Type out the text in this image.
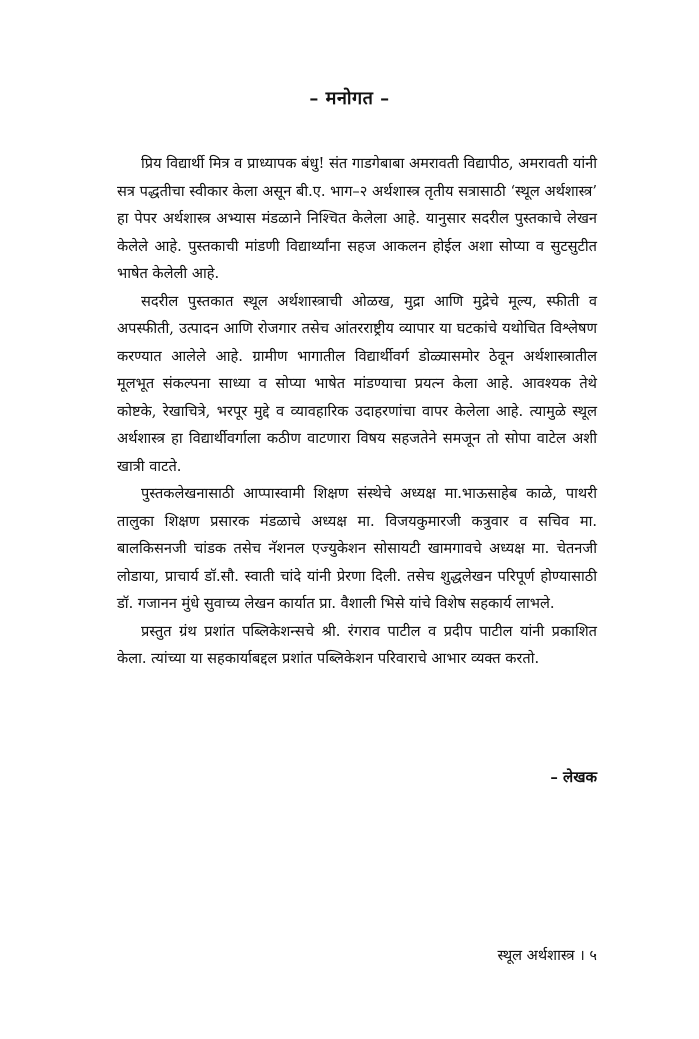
– मनोगत –

प्रिय विद्यार्थी मित्र व प्राध्यापक बंधु! संत गाडगेबाबा अमरावती विद्यापीठ, अमरावती यांनी सत्र पद्धतीचा स्वीकार केला असून बी.ए. भाग–२ अर्थशास्त्र तृतीय सत्रासाठी ‘स्थूल अर्थशास्त्र’ हा पेपर अर्थशास्त्र अभ्यास मंडळाने निश्चित केलेला आहे. यानुसार सदरील पुस्तकाचे लेखन केलेले आहे. पुस्तकाची मांडणी विद्यार्थ्यांना सहज आकलन होईल अशा सोप्या व सुटसुटीत भाषेत केलेली आहे.

सदरील पुस्तकात स्थूल अर्थशास्त्राची ओळख, मुद्रा आणि मुद्रेचे मूल्य, स्फीती व अपस्फीती, उत्पादन आणि रोजगार तसेच आंतरराष्ट्रीय व्यापार या घटकांचे यथोचित विश्लेषण करण्यात आलेले आहे. ग्रामीण भागातील विद्यार्थीवर्ग डोळ्यासमोर ठेवून अर्थशास्त्रातील मूलभूत संकल्पना साध्या व सोप्या भाषेत मांडण्याचा प्रयत्न केला आहे. आवश्यक तेथे कोष्टके, रेखाचित्रे, भरपूर मुद्दे व व्यावहारिक उदाहरणांचा वापर केलेला आहे. त्यामुळे स्थूल अर्थशास्त्र हा विद्यार्थीवर्गाला कठीण वाटणारा विषय सहजतेने समजून तो सोपा वाटेल अशी खात्री वाटते.

पुस्तकलेखनासाठी आप्पास्वामी शिक्षण संस्थेचे अध्यक्ष मा.भाऊसाहेब काळे, पाथरी तालुका शिक्षण प्रसारक मंडळाचे अध्यक्ष मा. विजयकुमारजी कत्रुवार व सचिव मा. बालकिसनजी चांडक तसेच नॅशनल एज्युकेशन सोसायटी खामगावचे अध्यक्ष मा. चेतनजी लोडाया, प्राचार्य डॉ.सौ. स्वाती चांदे यांनी प्रेरणा दिली. तसेच शुद्धलेखन परिपूर्ण होण्यासाठी डॉ. गजानन मुंधे सुवाच्य लेखन कार्यात प्रा. वैशाली भिसे यांचे विशेष सहकार्य लाभले.

प्रस्तुत ग्रंथ प्रशांत पब्लिकेशन्सचे श्री. रंगराव पाटील व प्रदीप पाटील यांनी प्रकाशित केला. त्यांच्या या सहकार्याबद्दल प्रशांत पब्लिकेशन परिवाराचे आभार व्यक्त करतो.

– लेखक
स्थूल अर्थशास्त्र । ५
